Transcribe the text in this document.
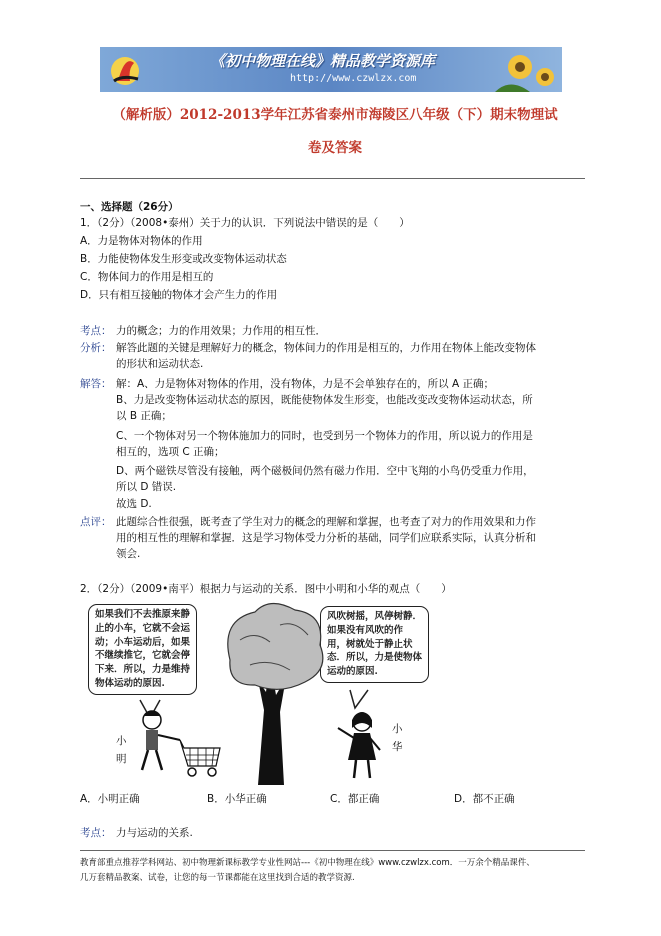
《初中物理在线》精品教学资源库
http://www.czwlzx.com
（解析版）2012-2013学年江苏省泰州市海陵区八年级（下）期末物理试
卷及答案
一、选择题（26分）
1．（2分）（2008•泰州）关于力的认识．下列说法中错误的是（　　）
A．力是物体对物体的作用
B．力能使物体发生形变或改变物体运动状态
C．物体间力的作用是相互的
D．只有相互接触的物体才会产生力的作用
考点： 力的概念；力的作用效果；力作用的相互性．
分析： 解答此题的关键是理解好力的概念，物体间力的作用是相互的，力作用在物体上能改变物体
的形状和运动状态.
解答： 解：A、力是物体对物体的作用，没有物体，力是不会单独存在的，所以 A 正确；
B、力是改变物体运动状态的原因，既能使物体发生形变，也能改变改变物体运动状态，所
以 B 正确；
C、一个物体对另一个物体施加力的同时，也受到另一个物体力的作用，所以说力的作用是
相互的，选项 C 正确；
D、两个磁铁尽管没有接触，两个磁极间仍然有磁力作用．空中飞翔的小鸟仍受重力作用，
所以 D 错误.
故选 D.
点评： 此题综合性很强，既考查了学生对力的概念的理解和掌握，也考查了对力的作用效果和力作
用的相互性的理解和掌握．这是学习物体受力分析的基础，同学们应联系实际，认真分析和
领会.
2．（2分）（2009•南平）根据力与运动的关系．图中小明和小华的观点（　　）
如果我们不去推原来静
止的小车，它就不会运
动；小车运动后，如果
不继续推它，它就会停
下来．所以，力是维持
物体运动的原因.
风吹树摇，风停树静．
如果没有风吹的作
用，树就处于静止状
态．所以，力是使物体
运动的原因.
小
明
小
华
A．小明正确	B．小华正确	C．都正确	D．都不正确
考点： 力与运动的关系.
教育部重点推荐学科网站、初中物理新课标教学专业性网站---《初中物理在线》www.czwlzx.com．一万余个精品课件、
几万套精品教案、试卷，让您的每一节课都能在这里找到合适的教学资源.
